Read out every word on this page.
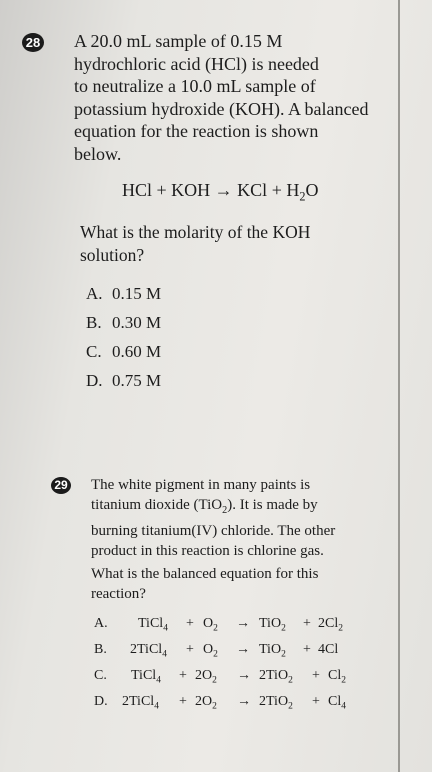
28 A 20.0 mL sample of 0.15 M
hydrochloric acid (HCl) is needed
to neutralize a 10.0 mL sample of
potassium hydroxide (KOH). A balanced
equation for the reaction is shown
below.
HCl + KOH → KCl + $H_2O$
What is the molarity of the KOH
solution?
A. 0.15 M
B. 0.30 M
C. 0.60 M
D. 0.75 M
29 The white pigment in many paints is
titanium dioxide (TiO$_2$). It is made by
burning titanium(IV) chloride. The other
product in this reaction is chlorine gas.
What is the balanced equation for this
reaction?
A. TiCl$_4$ + $O_2 \to TiO_2 + 2Cl_2$
B. 2TiCl$_4$ + $O_2 \to TiO_2 + 4Cl$
C. TiCl$_4$ + $2O_2 \to 2TiO_2 + Cl_2$
D. 2TiCl$_4$ + $2O_2 \to 2TiO_2 + Cl_4$
